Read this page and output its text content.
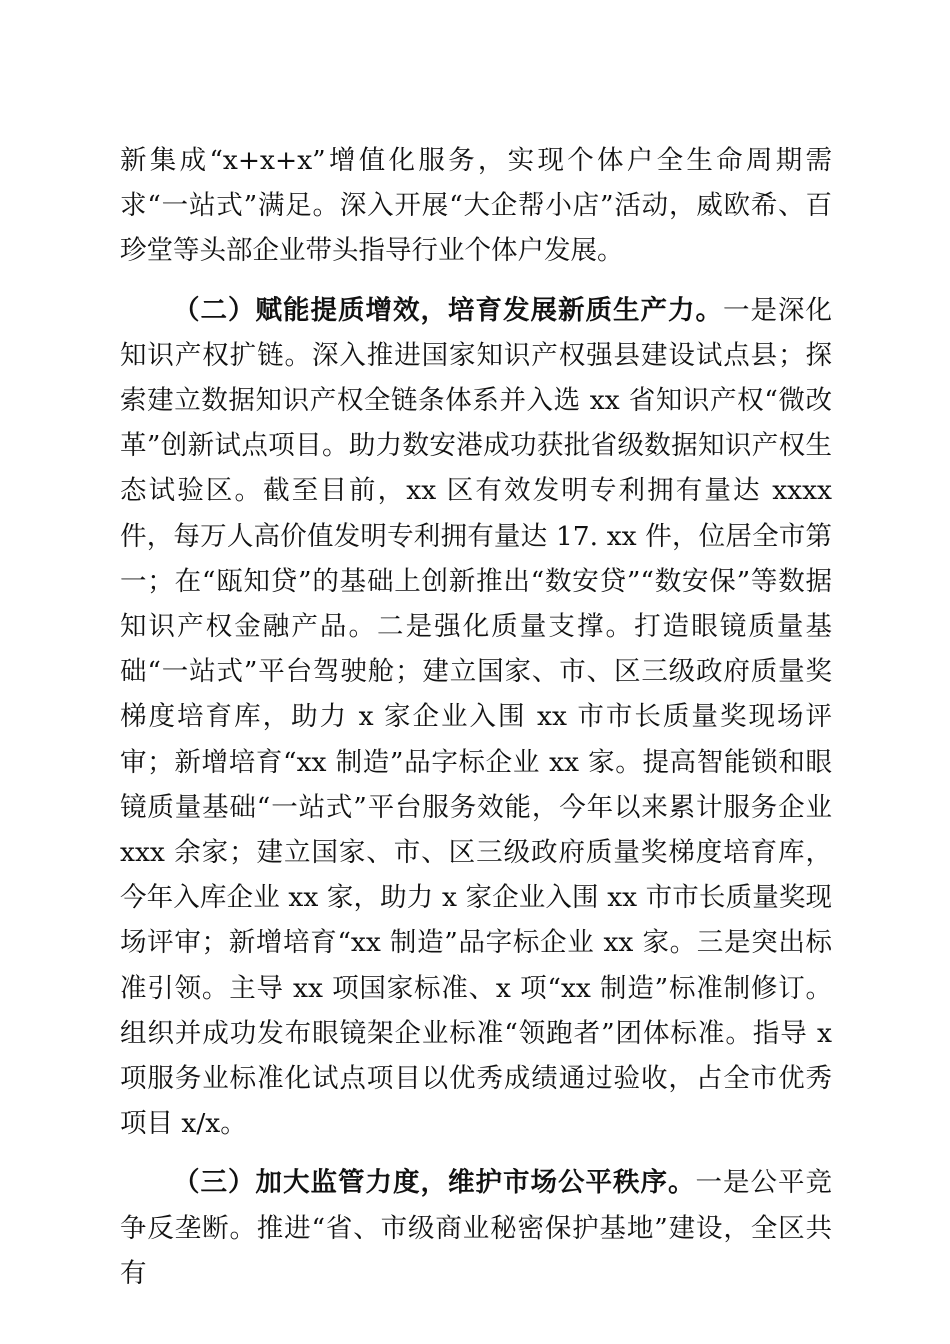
新集成“x+x+x”增值化服务，实现个体户全生命周期需求“一站式”满足。深入开展“大企帮小店”活动，威欧希、百珍堂等头部企业带头指导行业个体户发展。

（二）赋能提质增效，培育发展新质生产力。一是深化知识产权扩链。深入推进国家知识产权强县建设试点县；探索建立数据知识产权全链条体系并入选 xx 省知识产权“微改革”创新试点项目。助力数安港成功获批省级数据知识产权生态试验区。截至目前，xx 区有效发明专利拥有量达 xxxx 件，每万人高价值发明专利拥有量达 17. xx 件，位居全市第一；在“瓯知贷”的基础上创新推出“数安贷”“数安保”等数据知识产权金融产品。二是强化质量支撑。打造眼镜质量基础“一站式”平台驾驶舱；建立国家、市、区三级政府质量奖梯度培育库，助力 x 家企业入围 xx 市市长质量奖现场评审；新增培育“xx 制造”品字标企业 xx 家。提高智能锁和眼镜质量基础“一站式”平台服务效能，今年以来累计服务企业 xxx 余家；建立国家、市、区三级政府质量奖梯度培育库，今年入库企业 xx 家，助力 x 家企业入围 xx 市市长质量奖现场评审；新增培育“xx 制造”品字标企业 xx 家。三是突出标准引领。主导 xx 项国家标准、x 项“xx 制造”标准制修订。组织并成功发布眼镜架企业标准“领跑者”团体标准。指导 x 项服务业标准化试点项目以优秀成绩通过验收，占全市优秀项目 x/x。

（三）加大监管力度，维护市场公平秩序。一是公平竞争反垄断。推进“省、市级商业秘密保护基地”建设，全区共有
